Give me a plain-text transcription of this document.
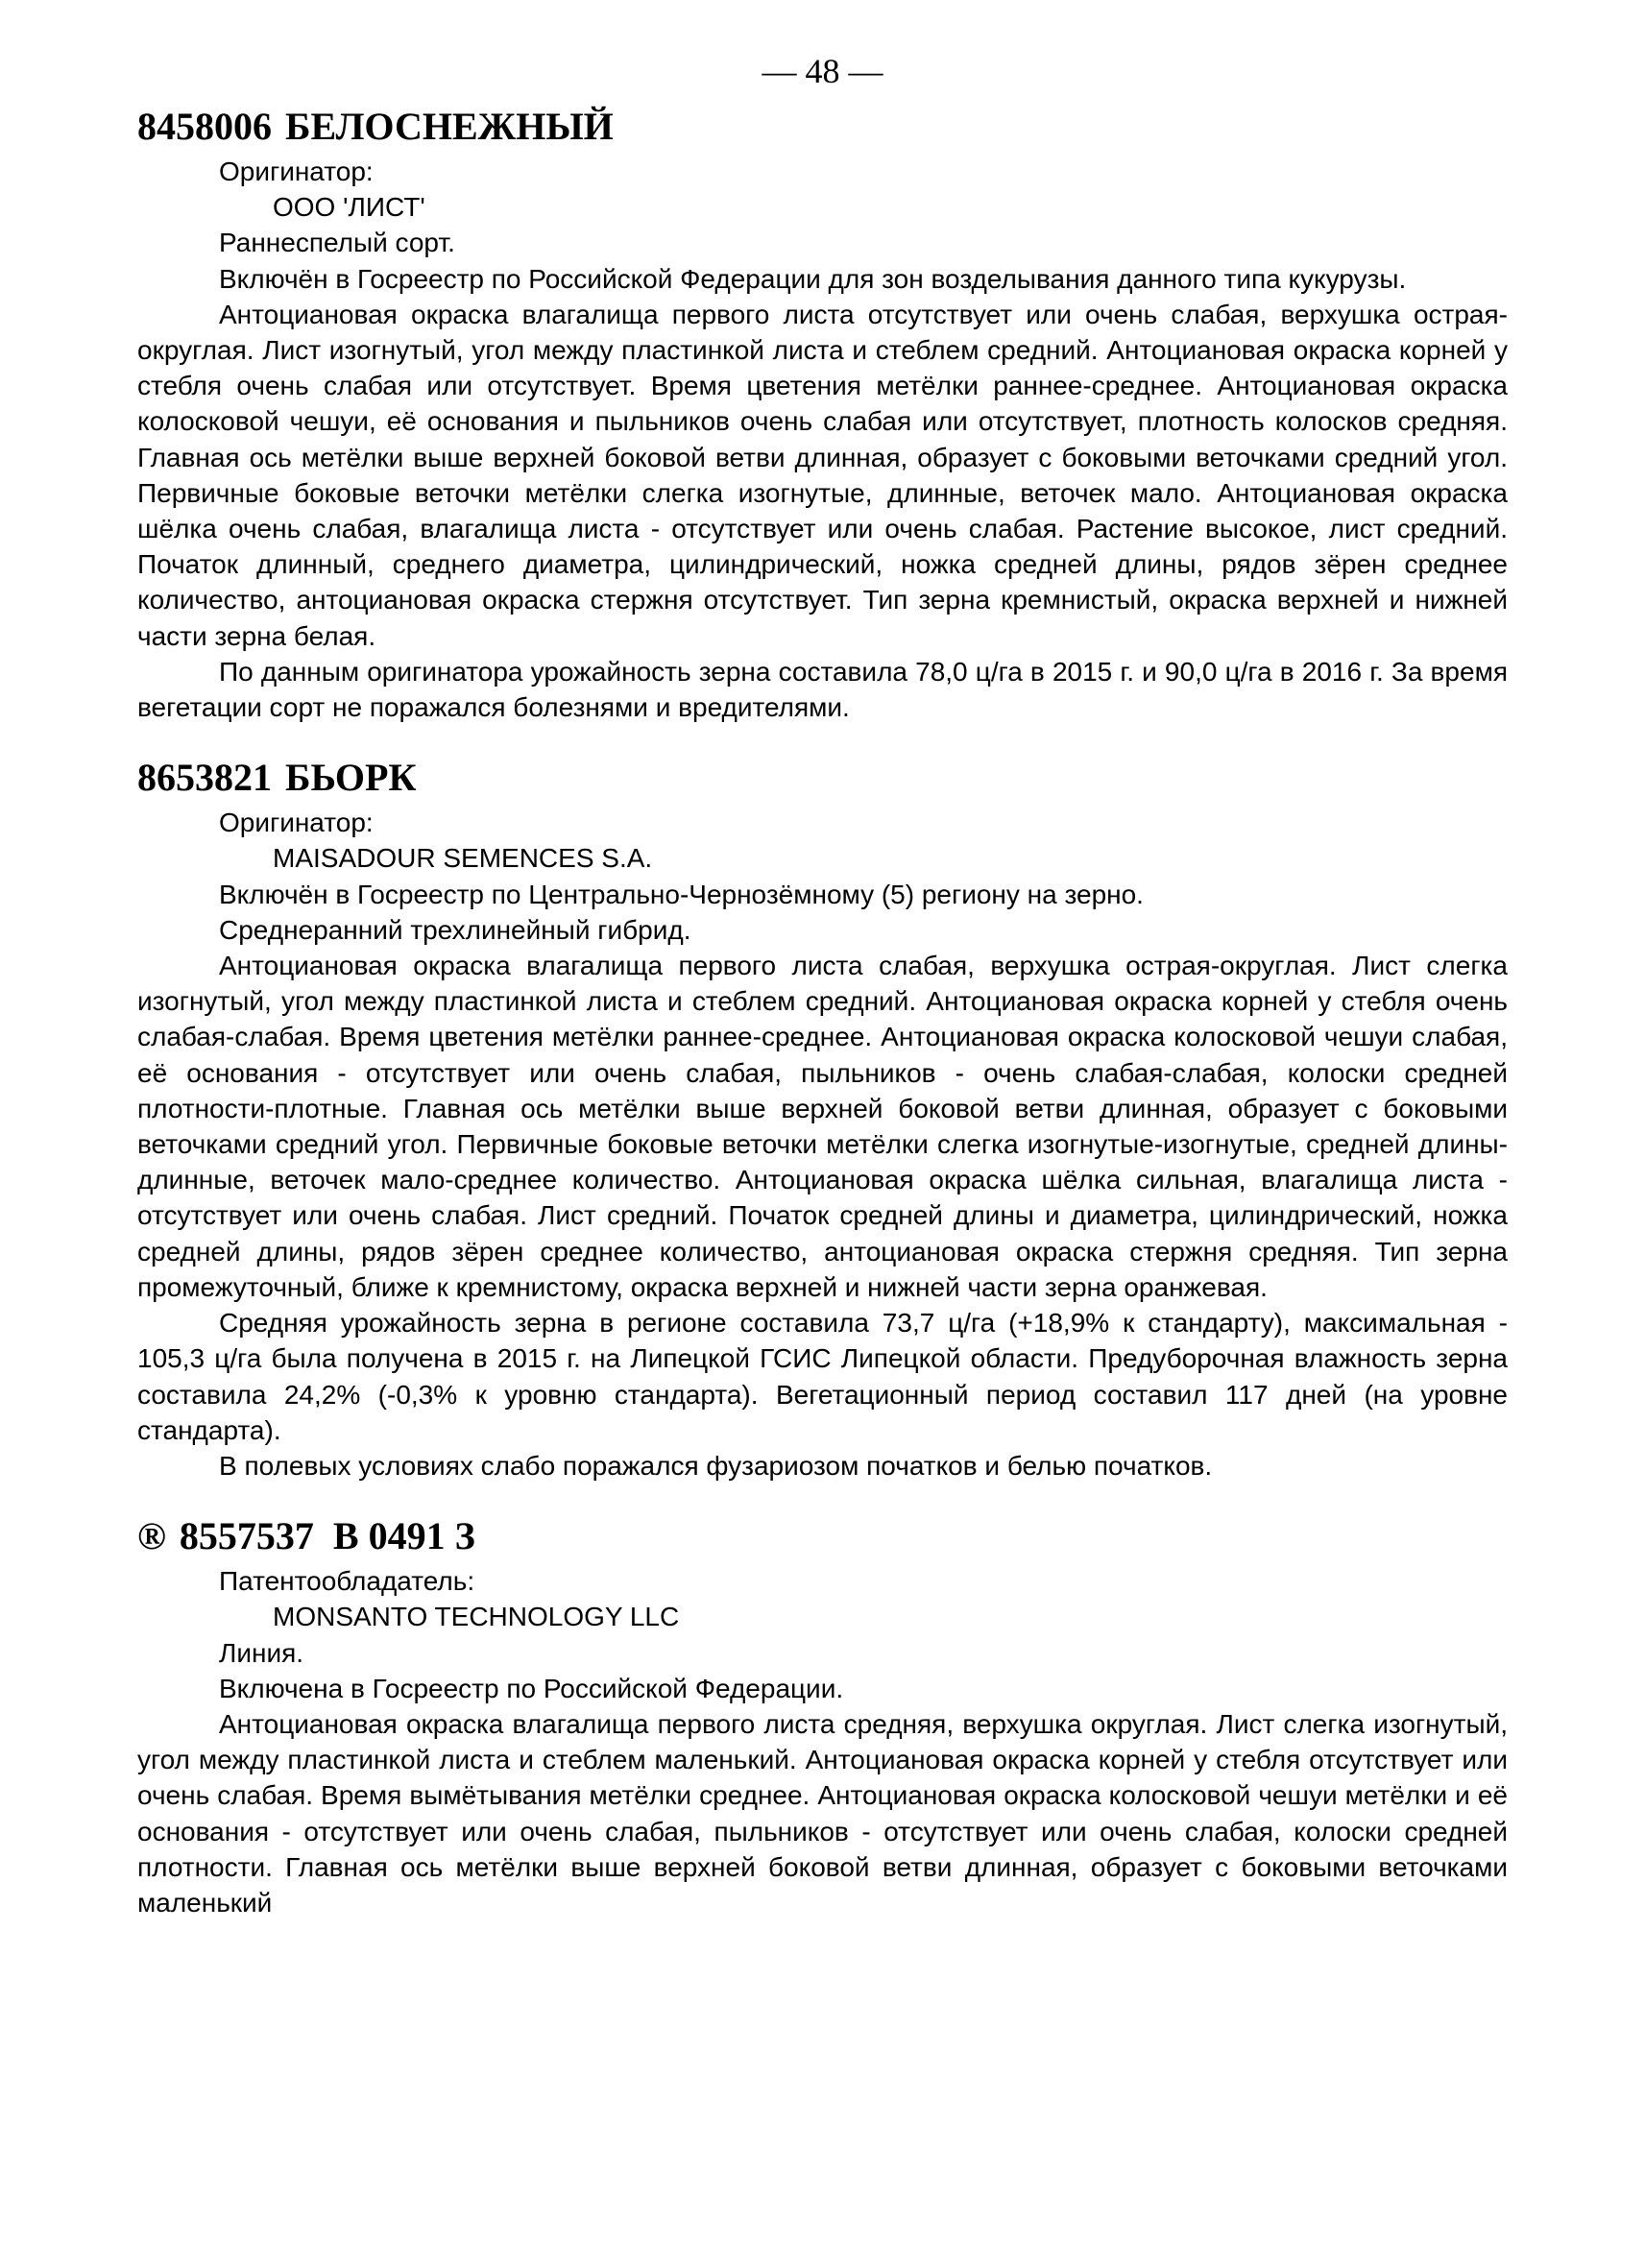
— 48 —
8458006 БЕЛОСНЕЖНЫЙ

Оригинатор:

ООО 'ЛИСТ'

Раннеспелый сорт.

Включён в Госреестр по Российской Федерации для зон возделывания данного типа кукурузы.

Антоциановая окраска влагалища первого листа отсутствует или очень слабая, верхушка острая-округлая. Лист изогнутый, угол между пластинкой листа и стеблем средний. Антоциановая окраска корней у стебля очень слабая или отсутствует. Время цветения метёлки раннее-среднее. Антоциановая окраска колосковой чешуи, её основания и пыльников очень слабая или отсутствует, плотность колосков средняя. Главная ось метёлки выше верхней боковой ветви длинная, образует с боковыми веточками средний угол. Первичные боковые веточки метёлки слегка изогнутые, длинные, веточек мало. Антоциановая окраска шёлка очень слабая, влагалища листа - отсутствует или очень слабая. Растение высокое, лист средний. Початок длинный, среднего диаметра, цилиндрический, ножка средней длины, рядов зёрен среднее количество, антоциановая окраска стержня отсутствует. Тип зерна кремнистый, окраска верхней и нижней части зерна белая.

По данным оригинатора урожайность зерна составила 78,0 ц/га в 2015 г. и 90,0 ц/га в 2016 г. За время вегетации сорт не поражался болезнями и вредителями.

8653821 БЬОРК

Оригинатор:

MAISADOUR SEMENCES S.A.

Включён в Госреестр по Центрально-Чернозёмному (5) региону на зерно.

Среднеранний трехлинейный гибрид.

Антоциановая окраска влагалища первого листа слабая, верхушка острая-округлая. Лист слегка изогнутый, угол между пластинкой листа и стеблем средний. Антоциановая окраска корней у стебля очень слабая-слабая. Время цветения метёлки раннее-среднее. Антоциановая окраска колосковой чешуи слабая, её основания - отсутствует или очень слабая, пыльников - очень слабая-слабая, колоски средней плотности-плотные. Главная ось метёлки выше верхней боковой ветви длинная, образует с боковыми веточками средний угол. Первичные боковые веточки метёлки слегка изогнутые-изогнутые, средней длины-длинные, веточек мало-среднее количество. Антоциановая окраска шёлка сильная, влагалища листа - отсутствует или очень слабая. Лист средний. Початок средней длины и диаметра, цилиндрический, ножка средней длины, рядов зёрен среднее количество, антоциановая окраска стержня средняя. Тип зерна промежуточный, ближе к кремнистому, окраска верхней и нижней части зерна оранжевая.

Средняя урожайность зерна в регионе составила 73,7 ц/га (+18,9% к стандарту), максимальная - 105,3 ц/га была получена в 2015 г. на Липецкой ГСИС Липецкой области. Предуборочная влажность зерна составила 24,2% (-0,3% к уровню стандарта). Вегетационный период составил 117 дней (на уровне стандарта).

В полевых условиях слабо поражался фузариозом початков и белью початков.

® 8557537 В 0491 З

Патентообладатель:

MONSANTO TECHNOLOGY LLC

Линия.

Включена в Госреестр по Российской Федерации.

Антоциановая окраска влагалища первого листа средняя, верхушка округлая. Лист слегка изогнутый, угол между пластинкой листа и стеблем маленький. Антоциановая окраска корней у стебля отсутствует или очень слабая. Время вымётывания метёлки среднее. Антоциановая окраска колосковой чешуи метёлки и её основания - отсутствует или очень слабая, пыльников - отсутствует или очень слабая, колоски средней плотности. Главная ось метёлки выше верхней боковой ветви длинная, образует с боковыми веточками маленький
